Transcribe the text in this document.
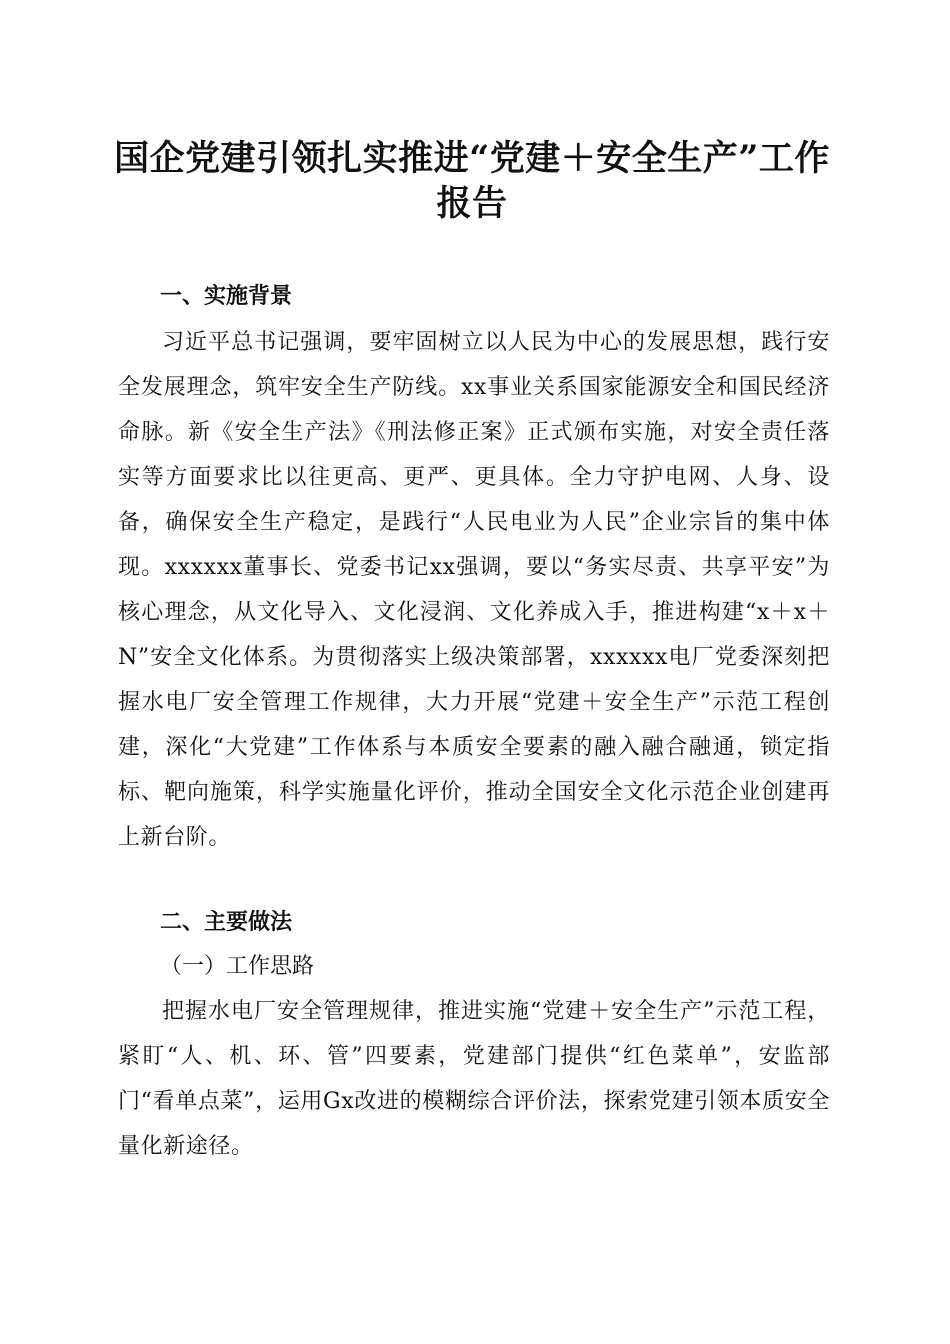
国企党建引领扎实推进“党建＋安全生产”工作报告
一、实施背景
习近平总书记强调，要牢固树立以人民为中心的发展思想，践行安全发展理念，筑牢安全生产防线。xx事业关系国家能源安全和国民经济命脉。新《安全生产法》《刑法修正案》正式颁布实施，对安全责任落实等方面要求比以往更高、更严、更具体。全力守护电网、人身、设备，确保安全生产稳定，是践行“人民电业为人民”企业宗旨的集中体现。xxxxxx董事长、党委书记xx强调，要以“务实尽责、共享平安”为核心理念，从文化导入、文化浸润、文化养成入手，推进构建“x＋x＋N”安全文化体系。为贯彻落实上级决策部署，xxxxxx电厂党委深刻把握水电厂安全管理工作规律，大力开展“党建＋安全生产”示范工程创建，深化“大党建”工作体系与本质安全要素的融入融合融通，锁定指标、靶向施策，科学实施量化评价，推动全国安全文化示范企业创建再上新台阶。
二、主要做法
（一）工作思路
把握水电厂安全管理规律，推进实施“党建＋安全生产”示范工程，紧盯“人、机、环、管”四要素，党建部门提供“红色菜单”，安监部门“看单点菜”，运用Gx改进的模糊综合评价法，探索党建引领本质安全量化新途径。
